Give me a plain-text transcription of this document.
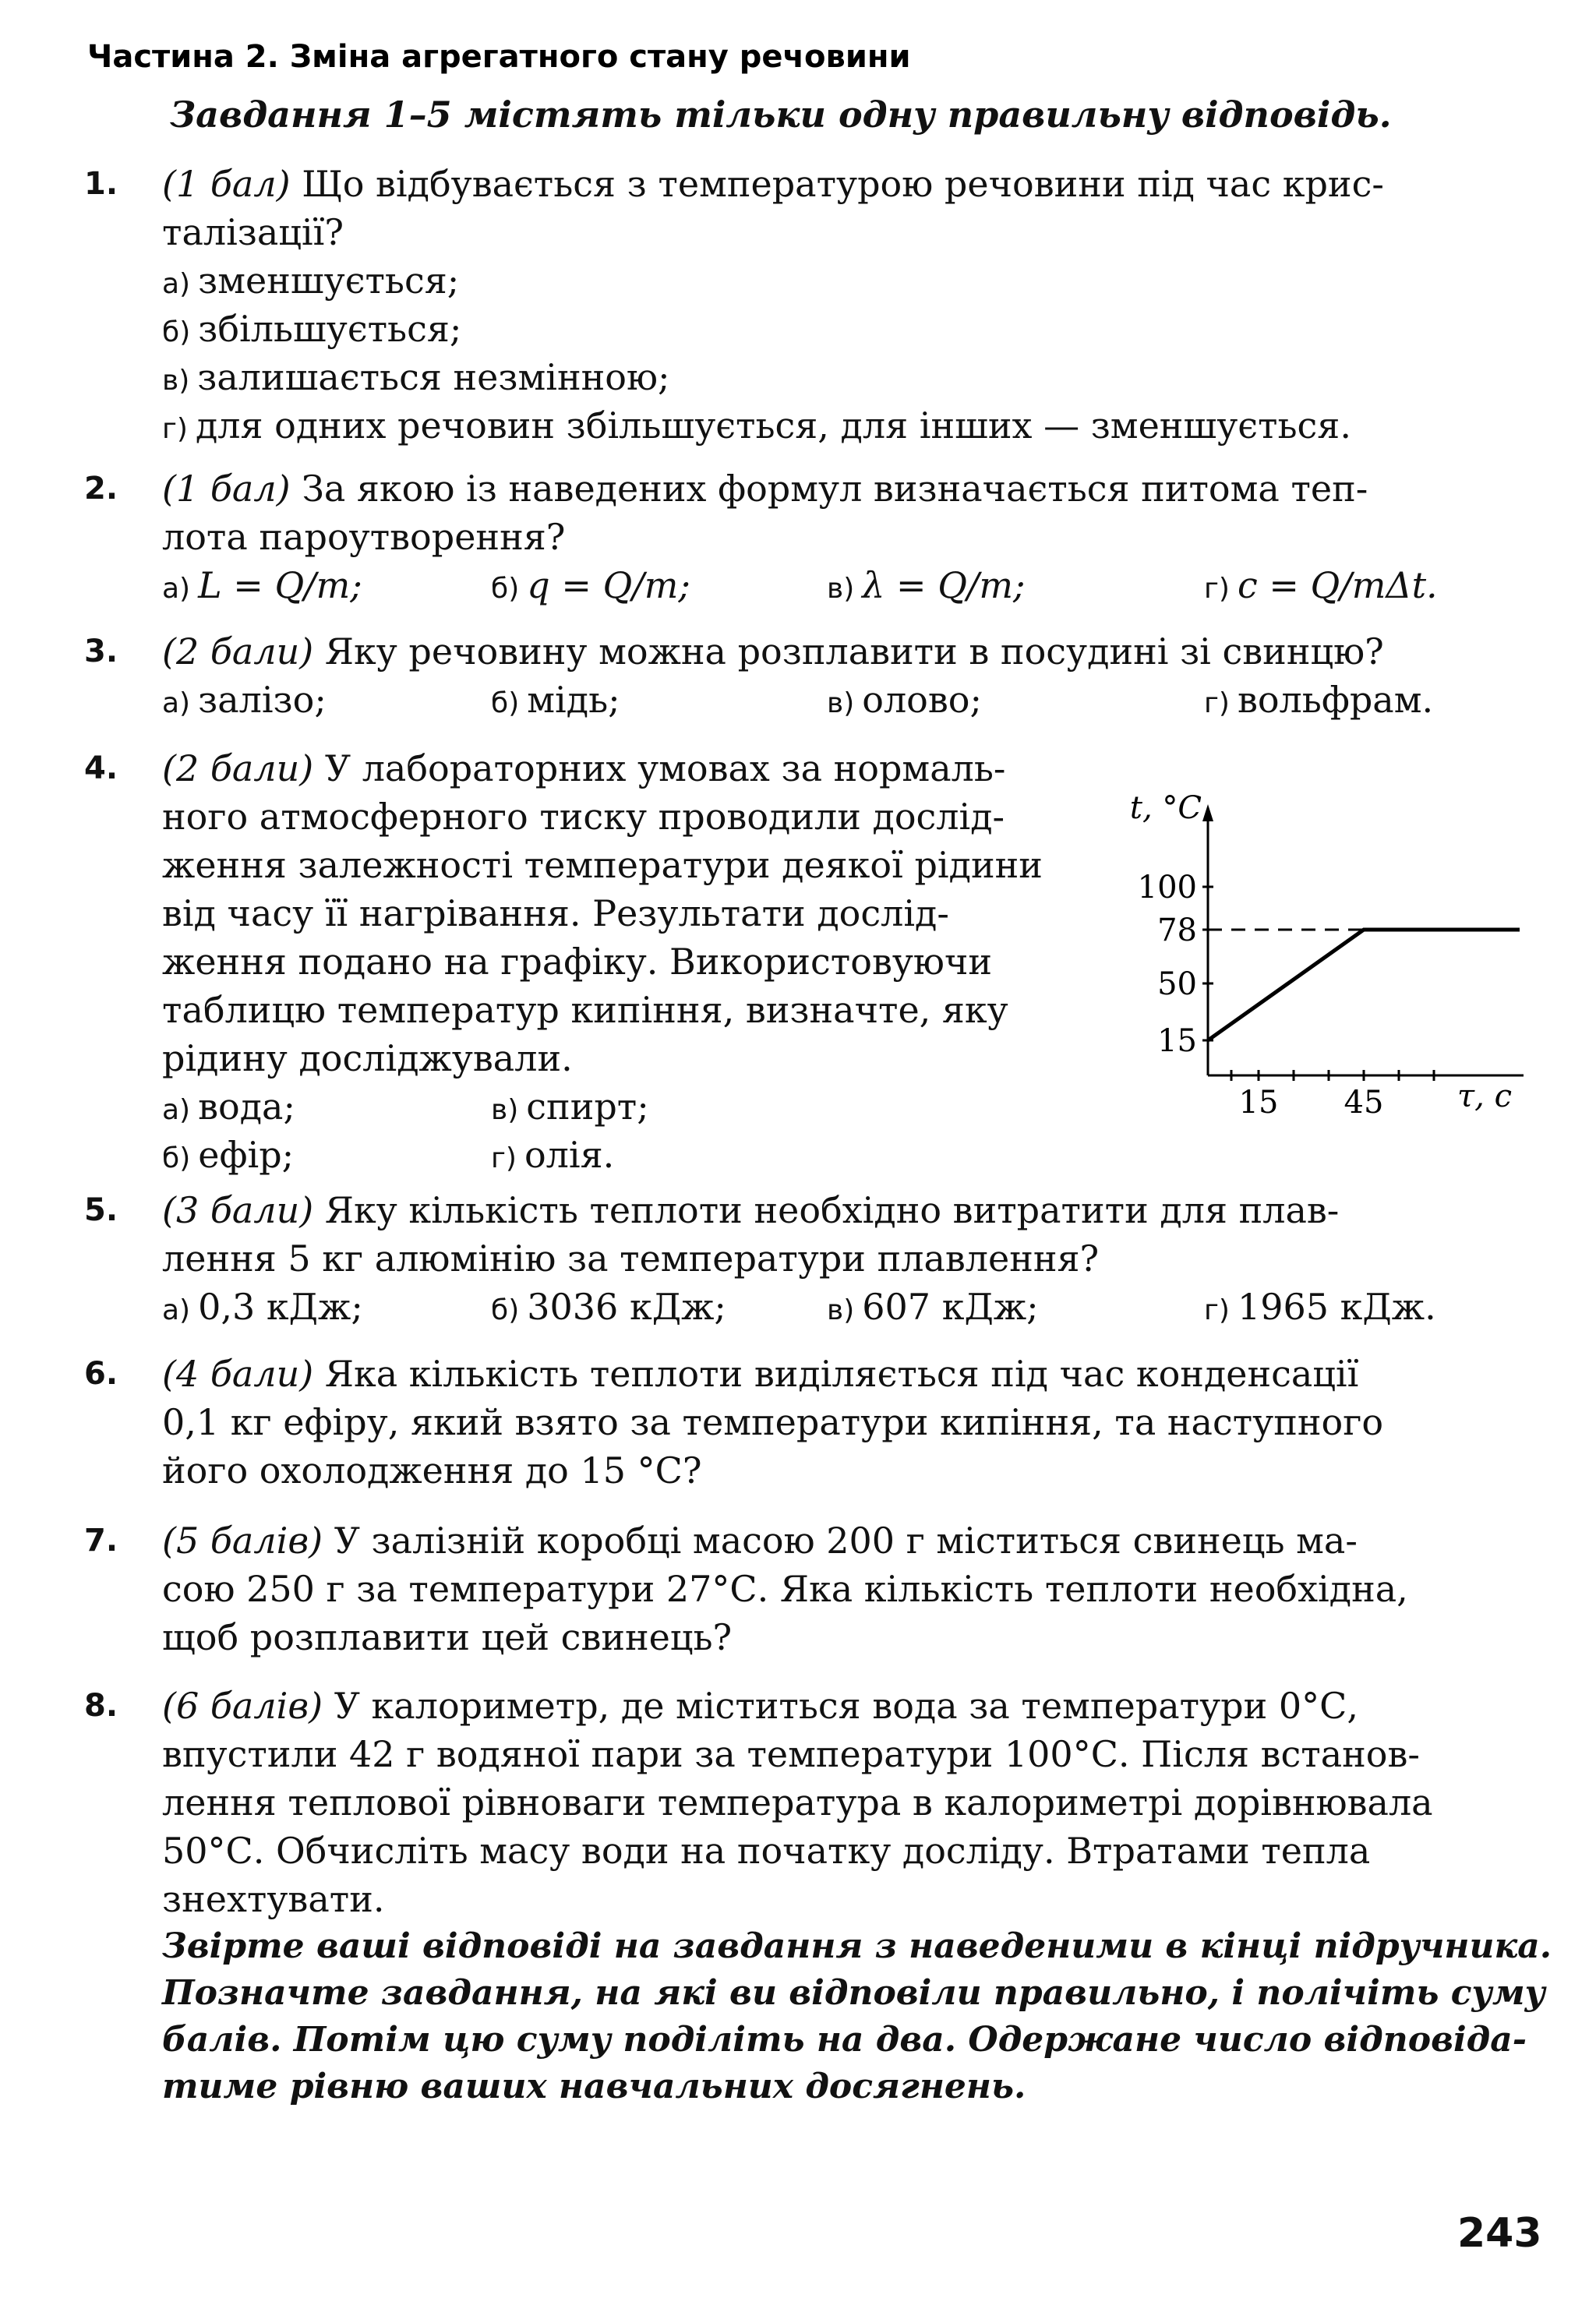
Частина 2. Зміна агрегатного стану речовини
Завдання 1–5 містять тільки одну правильну відповідь.
1.	(1 бал) Що відбувається з температурою речовини під час крис-
талізації?
а) зменшується;
б) збільшується;
в) залишається незмінною;
г) для одних речовин збільшується, для інших — зменшується.
2.	(1 бал) За якою із наведених формул визначається питома теп-
лота пароутворення?
а) L = Q/m;	б) q = Q/m;	в) λ = Q/m;	г) c = Q/mΔt.
3.	(2 бали) Яку речовину можна розплавити в посудині зі свинцю?
а) залізо;	б) мідь;	в) олово;	г) вольфрам.
4.	(2 бали) У лабораторних умовах за нормаль-
ного атмосферного тиску проводили дослід-
ження залежності температури деякої рідини
від часу її нагрівання. Результати дослід-
ження подано на графіку. Використовуючи
таблицю температур кипіння, визначте, яку
рідину досліджували.
а) вода;	в) спирт;
б) ефір;	г) олія.
t, °C
τ, с
15
50
78
100
15 45
5.	(3 бали) Яку кількість теплоти необхідно витратити для плав-
лення 5 кг алюмінію за температури плавлення?
а) 0,3 кДж;	б) 3036 кДж;	в) 607 кДж;	г) 1965 кДж.
6.	(4 бали) Яка кількість теплоти виділяється під час конденсації
0,1 кг ефіру, який взято за температури кипіння, та наступного
його охолодження до 15 °С?
7.	(5 балів) У залізній коробці масою 200 г міститься свинець ма-
сою 250 г за температури 27°С. Яка кількість теплоти необхідна,
щоб розплавити цей свинець?
8.	(6 балів) У калориметр, де міститься вода за температури 0°С,
впустили 42 г водяної пари за температури 100°С. Після встанов-
лення теплової рівноваги температура в калориметрі дорівнювала
50°С. Обчисліть масу води на початку досліду. Втратами тепла
знехтувати.
Звірте ваші відповіді на завдання з наведеними в кінці підручника.
Позначте завдання, на які ви відповіли правильно, і полічіть суму
балів. Потім цю суму поділіть на два. Одержане число відповіда-
тиме рівню ваших навчальних досягнень.
243
